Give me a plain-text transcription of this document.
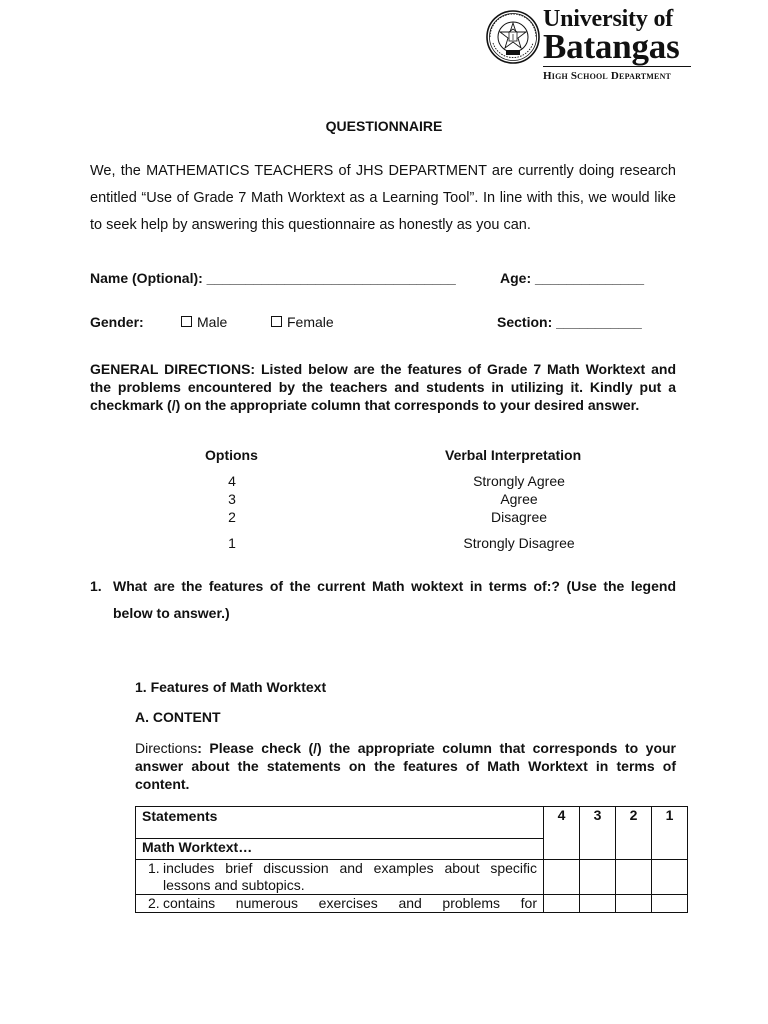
University of
Batangas
High School Department
QUESTIONNAIRE
We, the MATHEMATICS TEACHERS of JHS DEPARTMENT are currently doing research entitled “Use of Grade 7 Math Worktext as a Learning Tool”. In line with this, we would like to seek help by answering this questionnaire as honestly as you can.
Name (Optional): ________________________________	Age: ______________
Gender:	Male	Female	Section: ___________
GENERAL DIRECTIONS: Listed below are the features of Grade 7 Math Worktext and the problems encountered by the teachers and students in utilizing it. Kindly put a checkmark (/) on the appropriate column that corresponds to your desired answer.
Options	Verbal Interpretation
4	Strongly Agree
3	Agree
2	Disagree
1	Strongly Disagree
1. What are the features of the current Math woktext in terms of:? (Use the legend below to answer.)
1. Features of Math Worktext
A. CONTENT
Directions: Please check (/) the appropriate column that corresponds to your answer about the statements on the features of Math Worktext in terms of content.
Statements	4	3	2	1
Math Worktext…				

1. includes brief discussion and examples about specific lessons and subtopics.				

2. contains numerous exercises and problems for				
